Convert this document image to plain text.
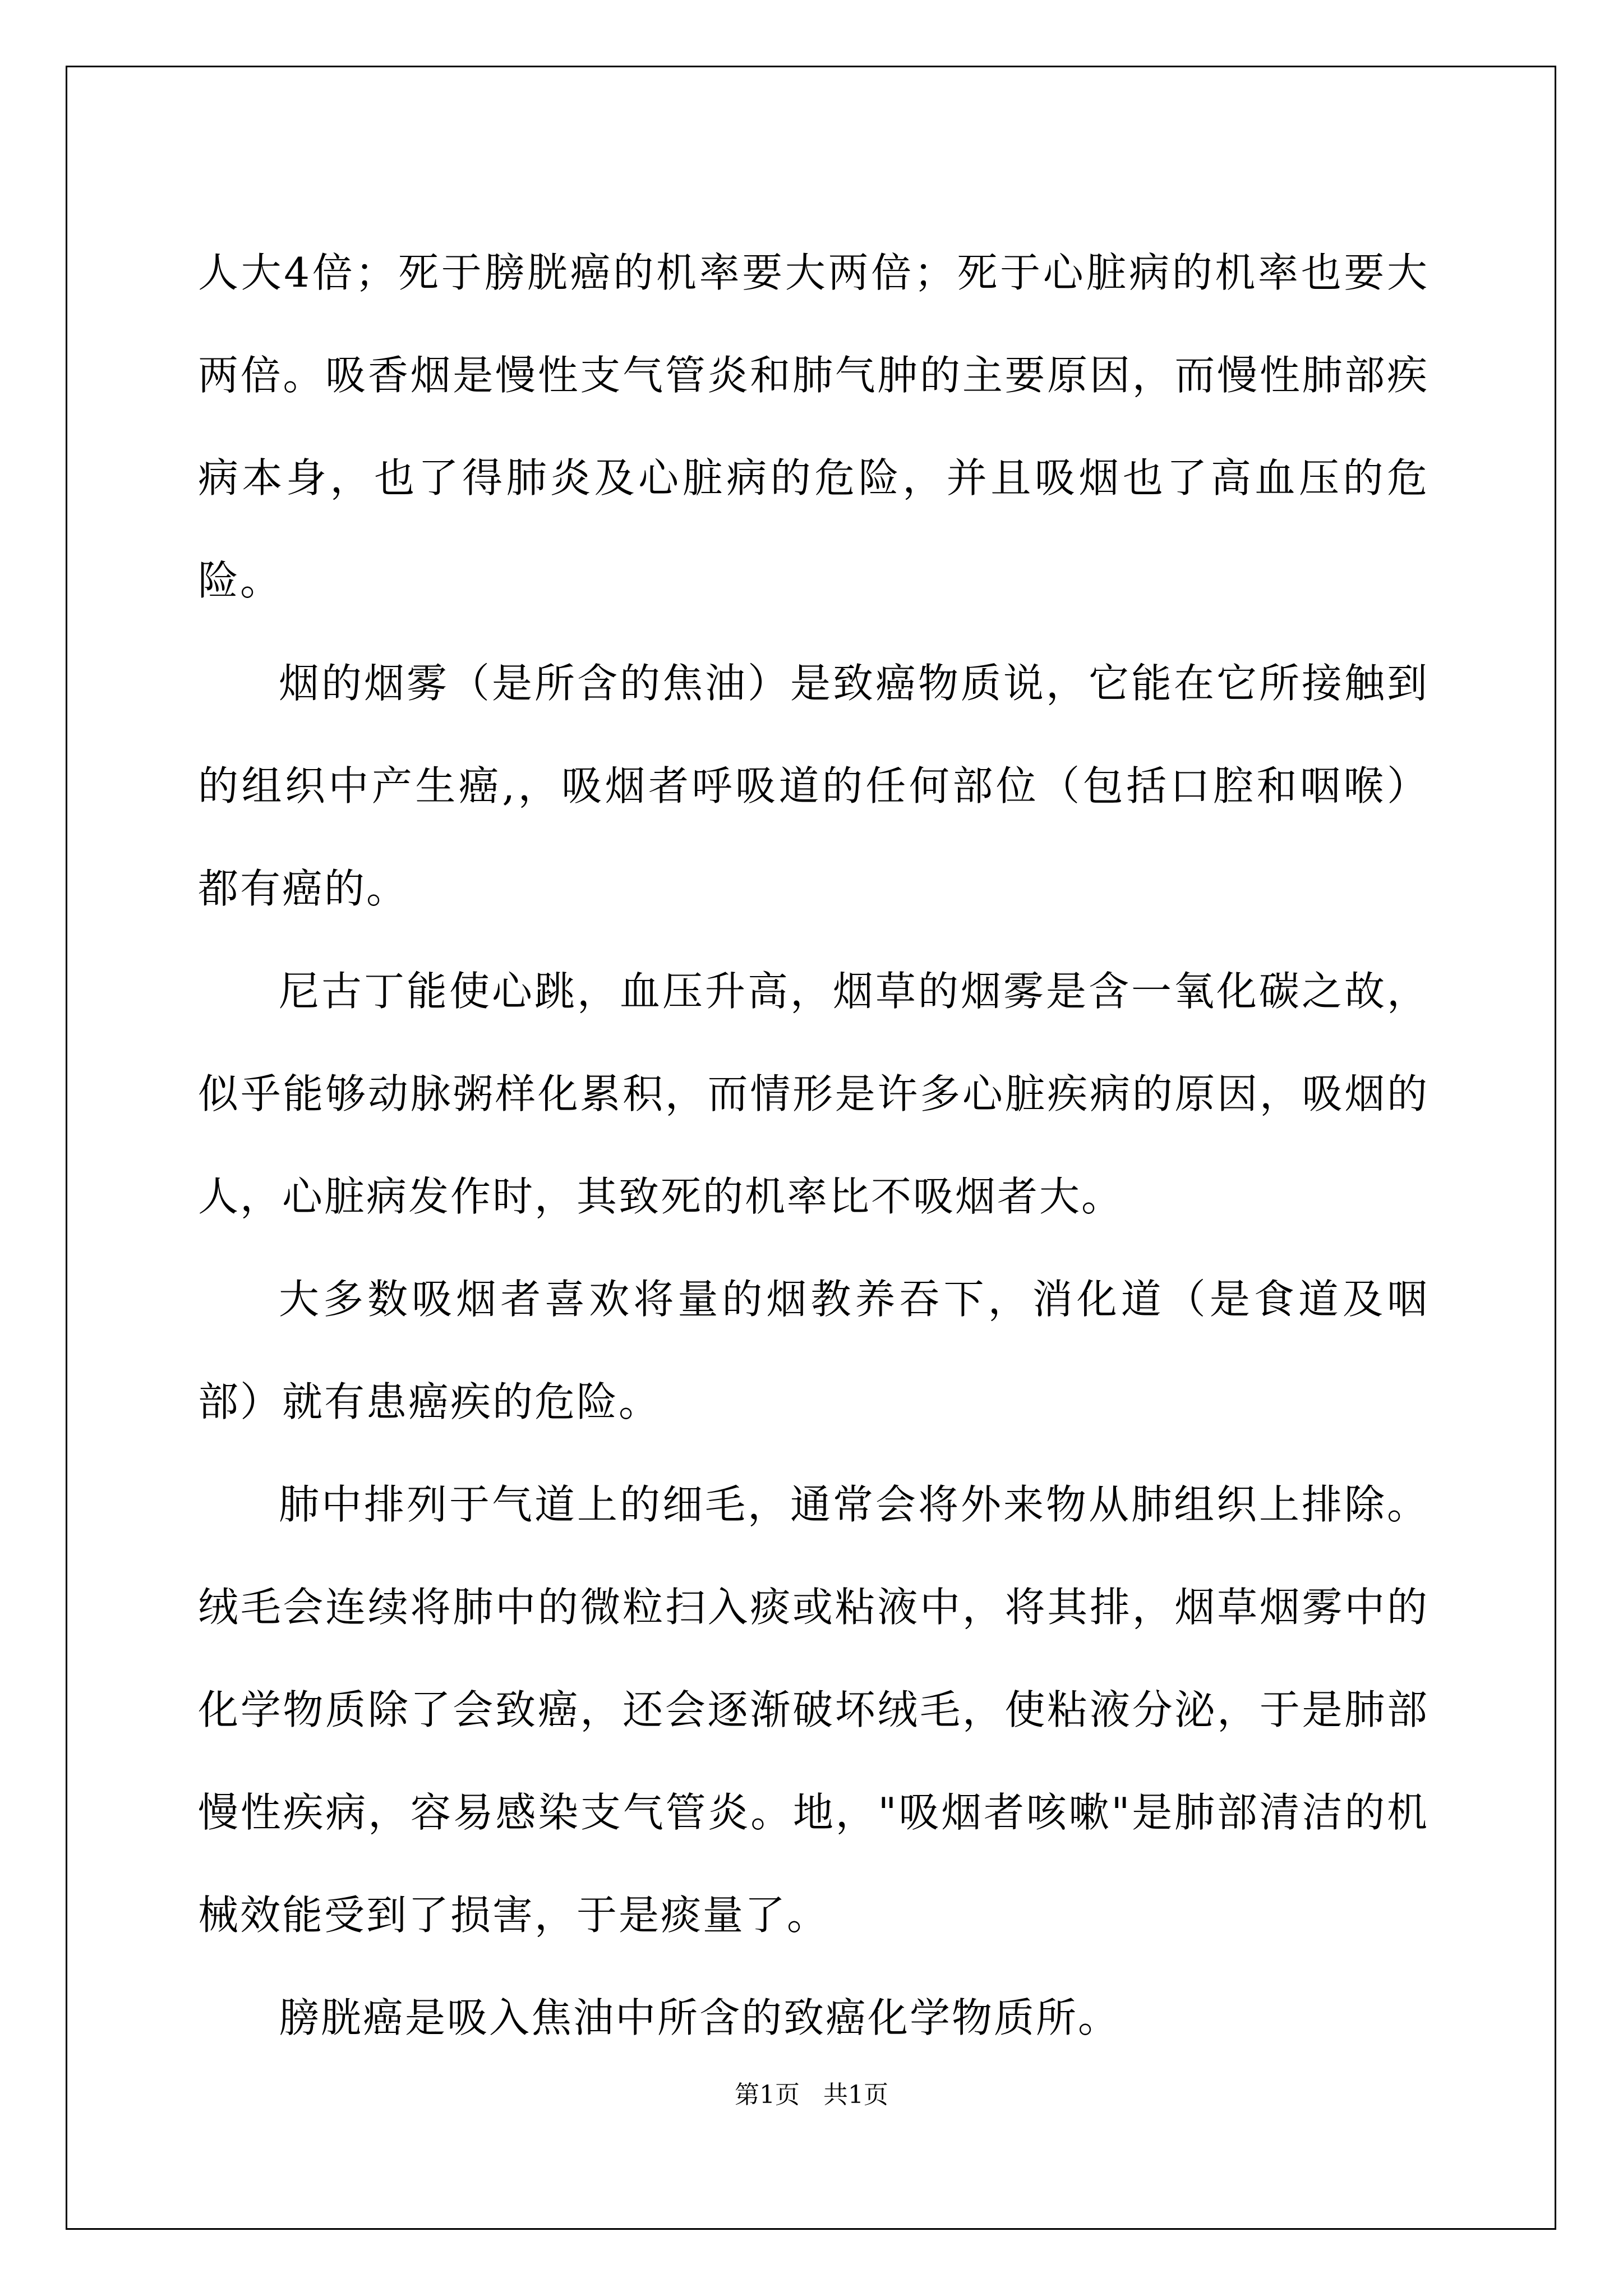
人大4倍；死于膀胱癌的机率要大两倍；死于心脏病的机率也要大两倍。吸香烟是慢性支气管炎和肺气肿的主要原因，而慢性肺部疾病本身，也了得肺炎及心脏病的危险，并且吸烟也了高血压的危险。

烟的烟雾（是所含的焦油）是致癌物质说，它能在它所接触到的组织中产生癌,，吸烟者呼吸道的任何部位（包括口腔和咽喉）都有癌的。

尼古丁能使心跳，血压升高，烟草的烟雾是含一氧化碳之故，似乎能够动脉粥样化累积，而情形是许多心脏疾病的原因，吸烟的人，心脏病发作时，其致死的机率比不吸烟者大。

大多数吸烟者喜欢将量的烟教养吞下，消化道（是食道及咽部）就有患癌疾的危险。

肺中排列于气道上的细毛，通常会将外来物从肺组织上排除。绒毛会连续将肺中的微粒扫入痰或粘液中，将其排，烟草烟雾中的化学物质除了会致癌，还会逐渐破坏绒毛，使粘液分泌，于是肺部慢性疾病，容易感染支气管炎。地，"吸烟者咳嗽"是肺部清洁的机械效能受到了损害，于是痰量了。

膀胱癌是吸入焦油中所含的致癌化学物质所。

第1页   共1页
